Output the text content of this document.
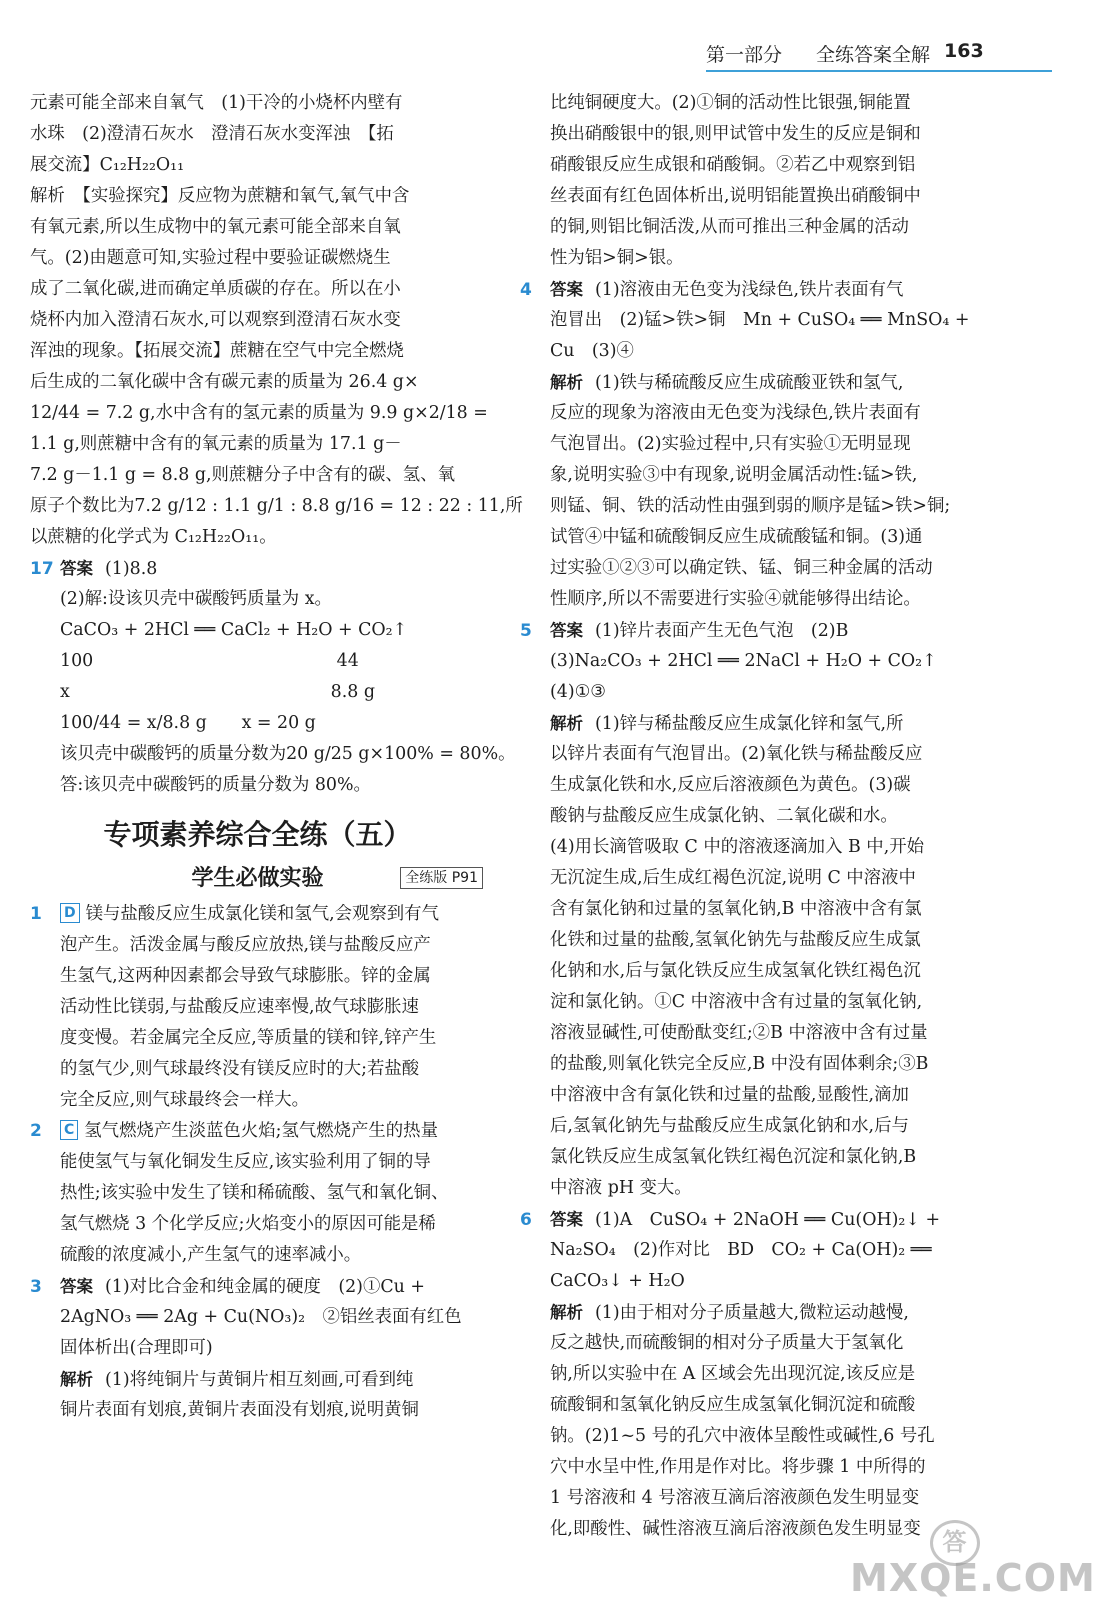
第一部分 全练答案全解 163
元素可能全部来自氧气　(1)干冷的小烧杯内壁有
水珠　(2)澄清石灰水　澄清石灰水变浑浊　【拓
展交流】C₁₂H₂₂O₁₁
解析　【实验探究】反应物为蔗糖和氧气,氧气中含
有氧元素,所以生成物中的氧元素可能全部来自氧
气。(2)由题意可知,实验过程中要验证碳燃烧生
成了二氧化碳,进而确定单质碳的存在。所以在小
烧杯内加入澄清石灰水,可以观察到澄清石灰水变
浑浊的现象。【拓展交流】蔗糖在空气中完全燃烧
后生成的二氧化碳中含有碳元素的质量为 26.4 g×
12/44 = 7.2 g,水中含有的氢元素的质量为 9.9 g×2/18 =
1.1 g,则蔗糖中含有的氧元素的质量为 17.1 g－
7.2 g－1.1 g = 8.8 g,则蔗糖分子中含有的碳、氢、氧
原子个数比为7.2 g/12 : 1.1 g/1 : 8.8 g/16 = 12 : 22 : 11,所
以蔗糖的化学式为 C₁₂H₂₂O₁₁。
17 答案 (1)8.8
(2)解:设该贝壳中碳酸钙质量为 x。
CaCO₃ + 2HCl ══ CaCl₂ + H₂O + CO₂↑
100　　　　　　　　　　　　　　44
x　　　　　　　　　　　　　　　8.8 g
100/44 = x/8.8 g　　x = 20 g
该贝壳中碳酸钙的质量分数为20 g/25 g×100% = 80%。
答:该贝壳中碳酸钙的质量分数为 80%。
专项素养综合全练（五）
学生必做实验	全练版 P91
1 D 镁与盐酸反应生成氯化镁和氢气,会观察到有气
泡产生。活泼金属与酸反应放热,镁与盐酸反应产
生氢气,这两种因素都会导致气球膨胀。锌的金属
活动性比镁弱,与盐酸反应速率慢,故气球膨胀速
度变慢。若金属完全反应,等质量的镁和锌,锌产生
的氢气少,则气球最终没有镁反应时的大;若盐酸
完全反应,则气球最终会一样大。
2 C 氢气燃烧产生淡蓝色火焰;氢气燃烧产生的热量
能使氢气与氧化铜发生反应,该实验利用了铜的导
热性;该实验中发生了镁和稀硫酸、氢气和氧化铜、
氢气燃烧 3 个化学反应;火焰变小的原因可能是稀
硫酸的浓度减小,产生氢气的速率减小。
3 答案 (1)对比合金和纯金属的硬度　(2)①Cu +
2AgNO₃ ══ 2Ag + Cu(NO₃)₂　②铝丝表面有红色
固体析出(合理即可)
解析 (1)将纯铜片与黄铜片相互刻画,可看到纯
铜片表面有划痕,黄铜片表面没有划痕,说明黄铜
比纯铜硬度大。(2)①铜的活动性比银强,铜能置
换出硝酸银中的银,则甲试管中发生的反应是铜和
硝酸银反应生成银和硝酸铜。②若乙中观察到铝
丝表面有红色固体析出,说明铝能置换出硝酸铜中
的铜,则铝比铜活泼,从而可推出三种金属的活动
性为铝>铜>银。
4 答案 (1)溶液由无色变为浅绿色,铁片表面有气
泡冒出　(2)锰>铁>铜　Mn + CuSO₄ ══ MnSO₄ +
Cu　(3)④
解析 (1)铁与稀硫酸反应生成硫酸亚铁和氢气,
反应的现象为溶液由无色变为浅绿色,铁片表面有
气泡冒出。(2)实验过程中,只有实验①无明显现
象,说明实验③中有现象,说明金属活动性:锰>铁,
则锰、铜、铁的活动性由强到弱的顺序是锰>铁>铜;
试管④中锰和硫酸铜反应生成硫酸锰和铜。(3)通
过实验①②③可以确定铁、锰、铜三种金属的活动
性顺序,所以不需要进行实验④就能够得出结论。
5 答案 (1)锌片表面产生无色气泡　(2)B
(3)Na₂CO₃ + 2HCl ══ 2NaCl + H₂O + CO₂↑
(4)①③
解析 (1)锌与稀盐酸反应生成氯化锌和氢气,所
以锌片表面有气泡冒出。(2)氧化铁与稀盐酸反应
生成氯化铁和水,反应后溶液颜色为黄色。(3)碳
酸钠与盐酸反应生成氯化钠、二氧化碳和水。
(4)用长滴管吸取 C 中的溶液逐滴加入 B 中,开始
无沉淀生成,后生成红褐色沉淀,说明 C 中溶液中
含有氯化钠和过量的氢氧化钠,B 中溶液中含有氯
化铁和过量的盐酸,氢氧化钠先与盐酸反应生成氯
化钠和水,后与氯化铁反应生成氢氧化铁红褐色沉
淀和氯化钠。①C 中溶液中含有过量的氢氧化钠,
溶液显碱性,可使酚酞变红;②B 中溶液中含有过量
的盐酸,则氧化铁完全反应,B 中没有固体剩余;③B
中溶液中含有氯化铁和过量的盐酸,显酸性,滴加
后,氢氧化钠先与盐酸反应生成氯化钠和水,后与
氯化铁反应生成氢氧化铁红褐色沉淀和氯化钠,B
中溶液 pH 变大。
6 答案 (1)A　CuSO₄ + 2NaOH ══ Cu(OH)₂↓ +
Na₂SO₄　(2)作对比　BD　CO₂ + Ca(OH)₂ ══
CaCO₃↓ + H₂O
解析 (1)由于相对分子质量越大,微粒运动越慢,
反之越快,而硫酸铜的相对分子质量大于氢氧化
钠,所以实验中在 A 区域会先出现沉淀,该反应是
硫酸铜和氢氧化钠反应生成氢氧化铜沉淀和硫酸
钠。(2)1~5 号的孔穴中液体呈酸性或碱性,6 号孔
穴中水呈中性,作用是作对比。将步骤 1 中所得的
1 号溶液和 4 号溶液互滴后溶液颜色发生明显变
化,即酸性、碱性溶液互滴后溶液颜色发生明显变 答
MXQE.COM
